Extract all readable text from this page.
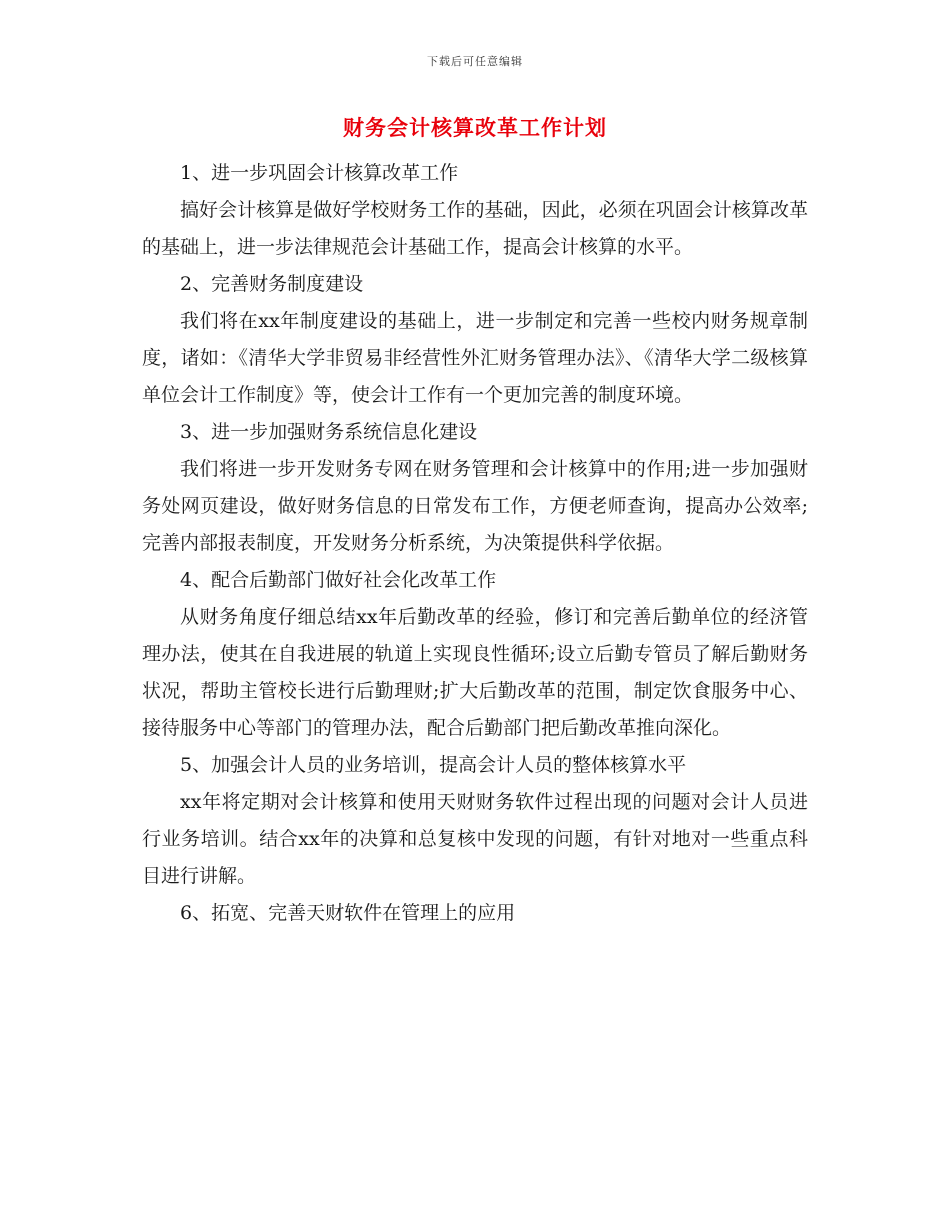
下载后可任意编辑
财务会计核算改革工作计划

1、进一步巩固会计核算改革工作

搞好会计核算是做好学校财务工作的基础，因此，必须在巩固会计核算改革的基础上，进一步法律规范会计基础工作，提高会计核算的水平。

2、完善财务制度建设

我们将在xx年制度建设的基础上，进一步制定和完善一些校内财务规章制度，诸如：《清华大学非贸易非经营性外汇财务管理办法》、《清华大学二级核算单位会计工作制度》等，使会计工作有一个更加完善的制度环境。

3、进一步加强财务系统信息化建设

我们将进一步开发财务专网在财务管理和会计核算中的作用;进一步加强财务处网页建设，做好财务信息的日常发布工作，方便老师查询，提高办公效率;完善内部报表制度，开发财务分析系统，为决策提供科学依据。

4、配合后勤部门做好社会化改革工作

从财务角度仔细总结xx年后勤改革的经验，修订和完善后勤单位的经济管理办法，使其在自我进展的轨道上实现良性循环;设立后勤专管员了解后勤财务状况，帮助主管校长进行后勤理财;扩大后勤改革的范围，制定饮食服务中心、接待服务中心等部门的管理办法，配合后勤部门把后勤改革推向深化。

5、加强会计人员的业务培训，提高会计人员的整体核算水平

xx年将定期对会计核算和使用天财财务软件过程出现的问题对会计人员进行业务培训。结合xx年的决算和总复核中发现的问题，有针对地对一些重点科目进行讲解。

6、拓宽、完善天财软件在管理上的应用
